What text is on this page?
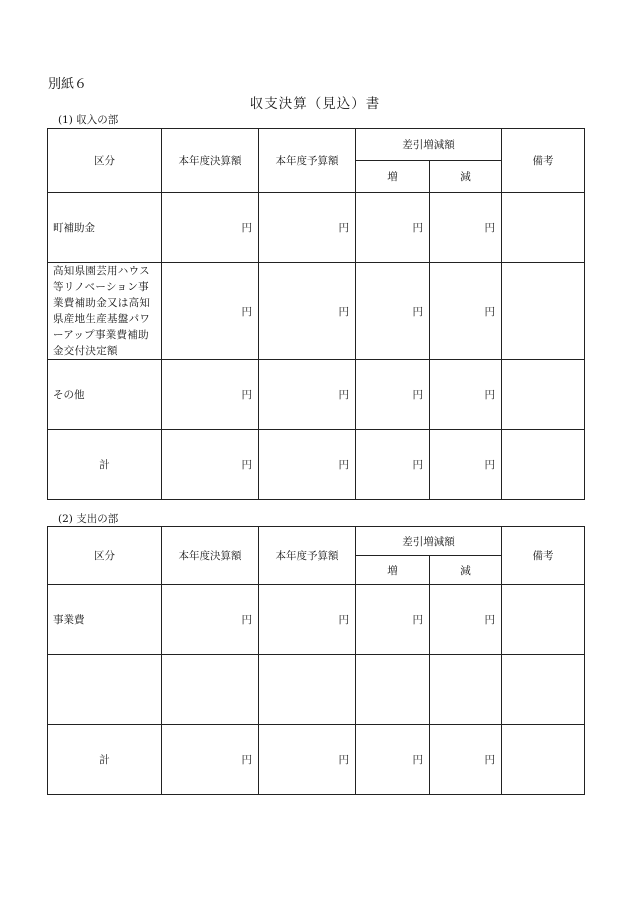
別紙６
収支決算（見込）書
(1) 収入の部
区分	本年度決算額	本年度予算額	差引増減額		備考
			増	減	
町補助金	円	円	円	円	
高知県園芸用ハウス等リノベーション事業費補助金又は高知県産地生産基盤パワーアップ事業費補助金交付決定額	円	円	円	円	
その他	円	円	円	円	
計	円	円	円	円	
(2) 支出の部
区分	本年度決算額	本年度予算額	差引増減額		備考
			増	減	
事業費	円	円	円	円	

計	円	円	円	円	
